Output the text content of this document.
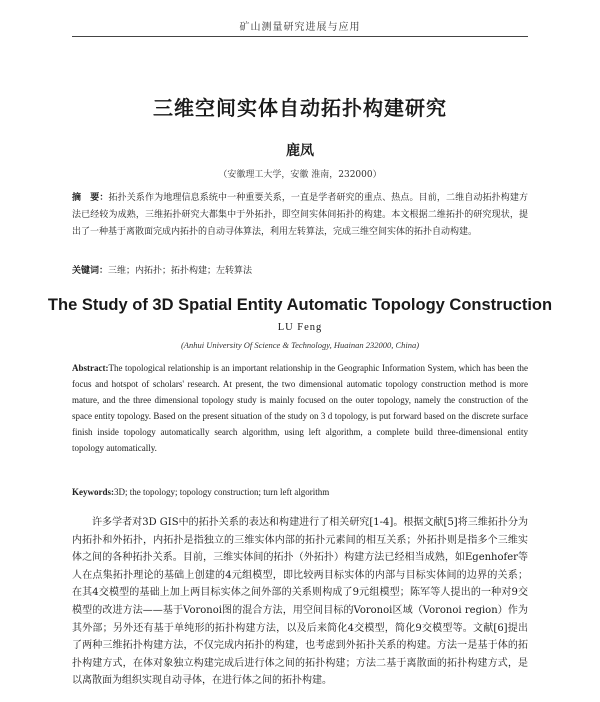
矿山测量研究进展与应用
三维空间实体自动拓扑构建研究
鹿凤
（安徽理工大学，安徽 淮南，232000）
摘　要：拓扑关系作为地理信息系统中一种重要关系，一直是学者研究的重点、热点。目前，二维自动拓扑构建方法已经较为成熟，三维拓扑研究大都集中于外拓扑，即空间实体间拓扑的构建。本文根据二维拓扑的研究现状，提出了一种基于离散面完成内拓扑的自动寻体算法，利用左转算法，完成三维空间实体的拓扑自动构建。
关键词：三维；内拓扑；拓扑构建；左转算法
The Study of 3D Spatial Entity Automatic Topology Construction
LU Feng
(Anhui University Of Science & Technology, Huainan 232000, China)
Abstract:The topological relationship is an important relationship in the Geographic Information System, which has been the focus and hotspot of scholars' research. At present, the two dimensional automatic topology construction method is more mature, and the three dimensional topology study is mainly focused on the outer topology, namely the construction of the space entity topology. Based on the present situation of the study on 3 d topology, is put forward based on the discrete surface finish inside topology automatically search algorithm, using left algorithm, a complete build three-dimensional entity topology automatically.
Keywords:3D; the topology; topology construction; turn left algorithm
许多学者对3D GIS中的拓扑关系的表达和构建进行了相关研究[1-4]。根据文献[5]将三维拓扑分为内拓扑和外拓扑，内拓扑是指独立的三维实体内部的拓扑元素间的相互关系；外拓扑则是指多个三维实体之间的各种拓扑关系。目前，三维实体间的拓扑（外拓扑）构建方法已经相当成熟，如Egenhofer等人在点集拓扑理论的基础上创建的4元组模型，即比较两目标实体的内部与目标实体间的边界的关系；在其4交模型的基础上加上两目标实体之间外部的关系则构成了9元组模型；陈军等人提出的一种对9交模型的改进方法——基于Voronoi图的混合方法，用空间目标的Voronoi区域（Voronoi region）作为其外部；另外还有基于单纯形的拓扑构建方法，以及后来简化4交模型，简化9交模型等。文献[6]提出了两种三维拓扑构建方法，不仅完成内拓扑的构建，也考虑到外拓扑关系的构建。方法一是基于体的拓扑构建方式，在体对象独立构建完成后进行体之间的拓扑构建；方法二基于离散面的拓扑构建方式，是以离散面为组织实现自动寻体，在进行体之间的拓扑构建。
